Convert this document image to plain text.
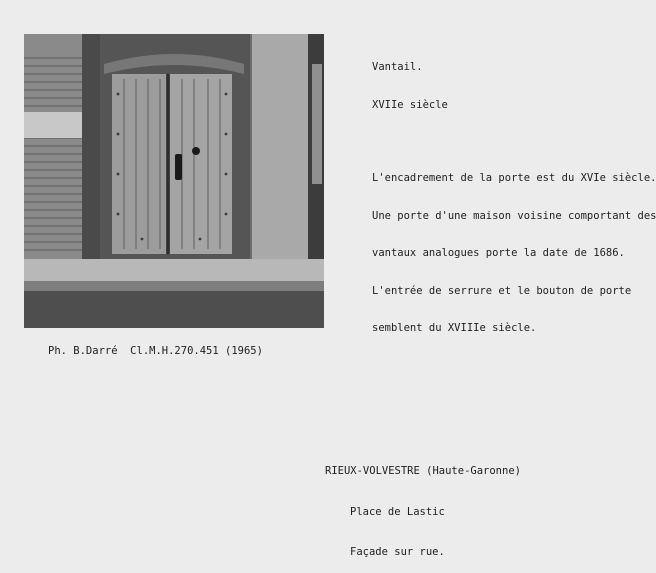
Vantail.

XVIIe siècle

L'encadrement de la porte est du XVIe siècle.

Une porte d'une maison voisine comportant des

vantaux analogues porte la date de 1686.

L'entrée de serrure et le bouton de porte

semblent du XVIIIe siècle.

Ph. B.Darré  Cl.M.H.270.451 (1965)

RIEUX-VOLVESTRE (Haute-Garonne)

Place de Lastic

Façade sur rue.
